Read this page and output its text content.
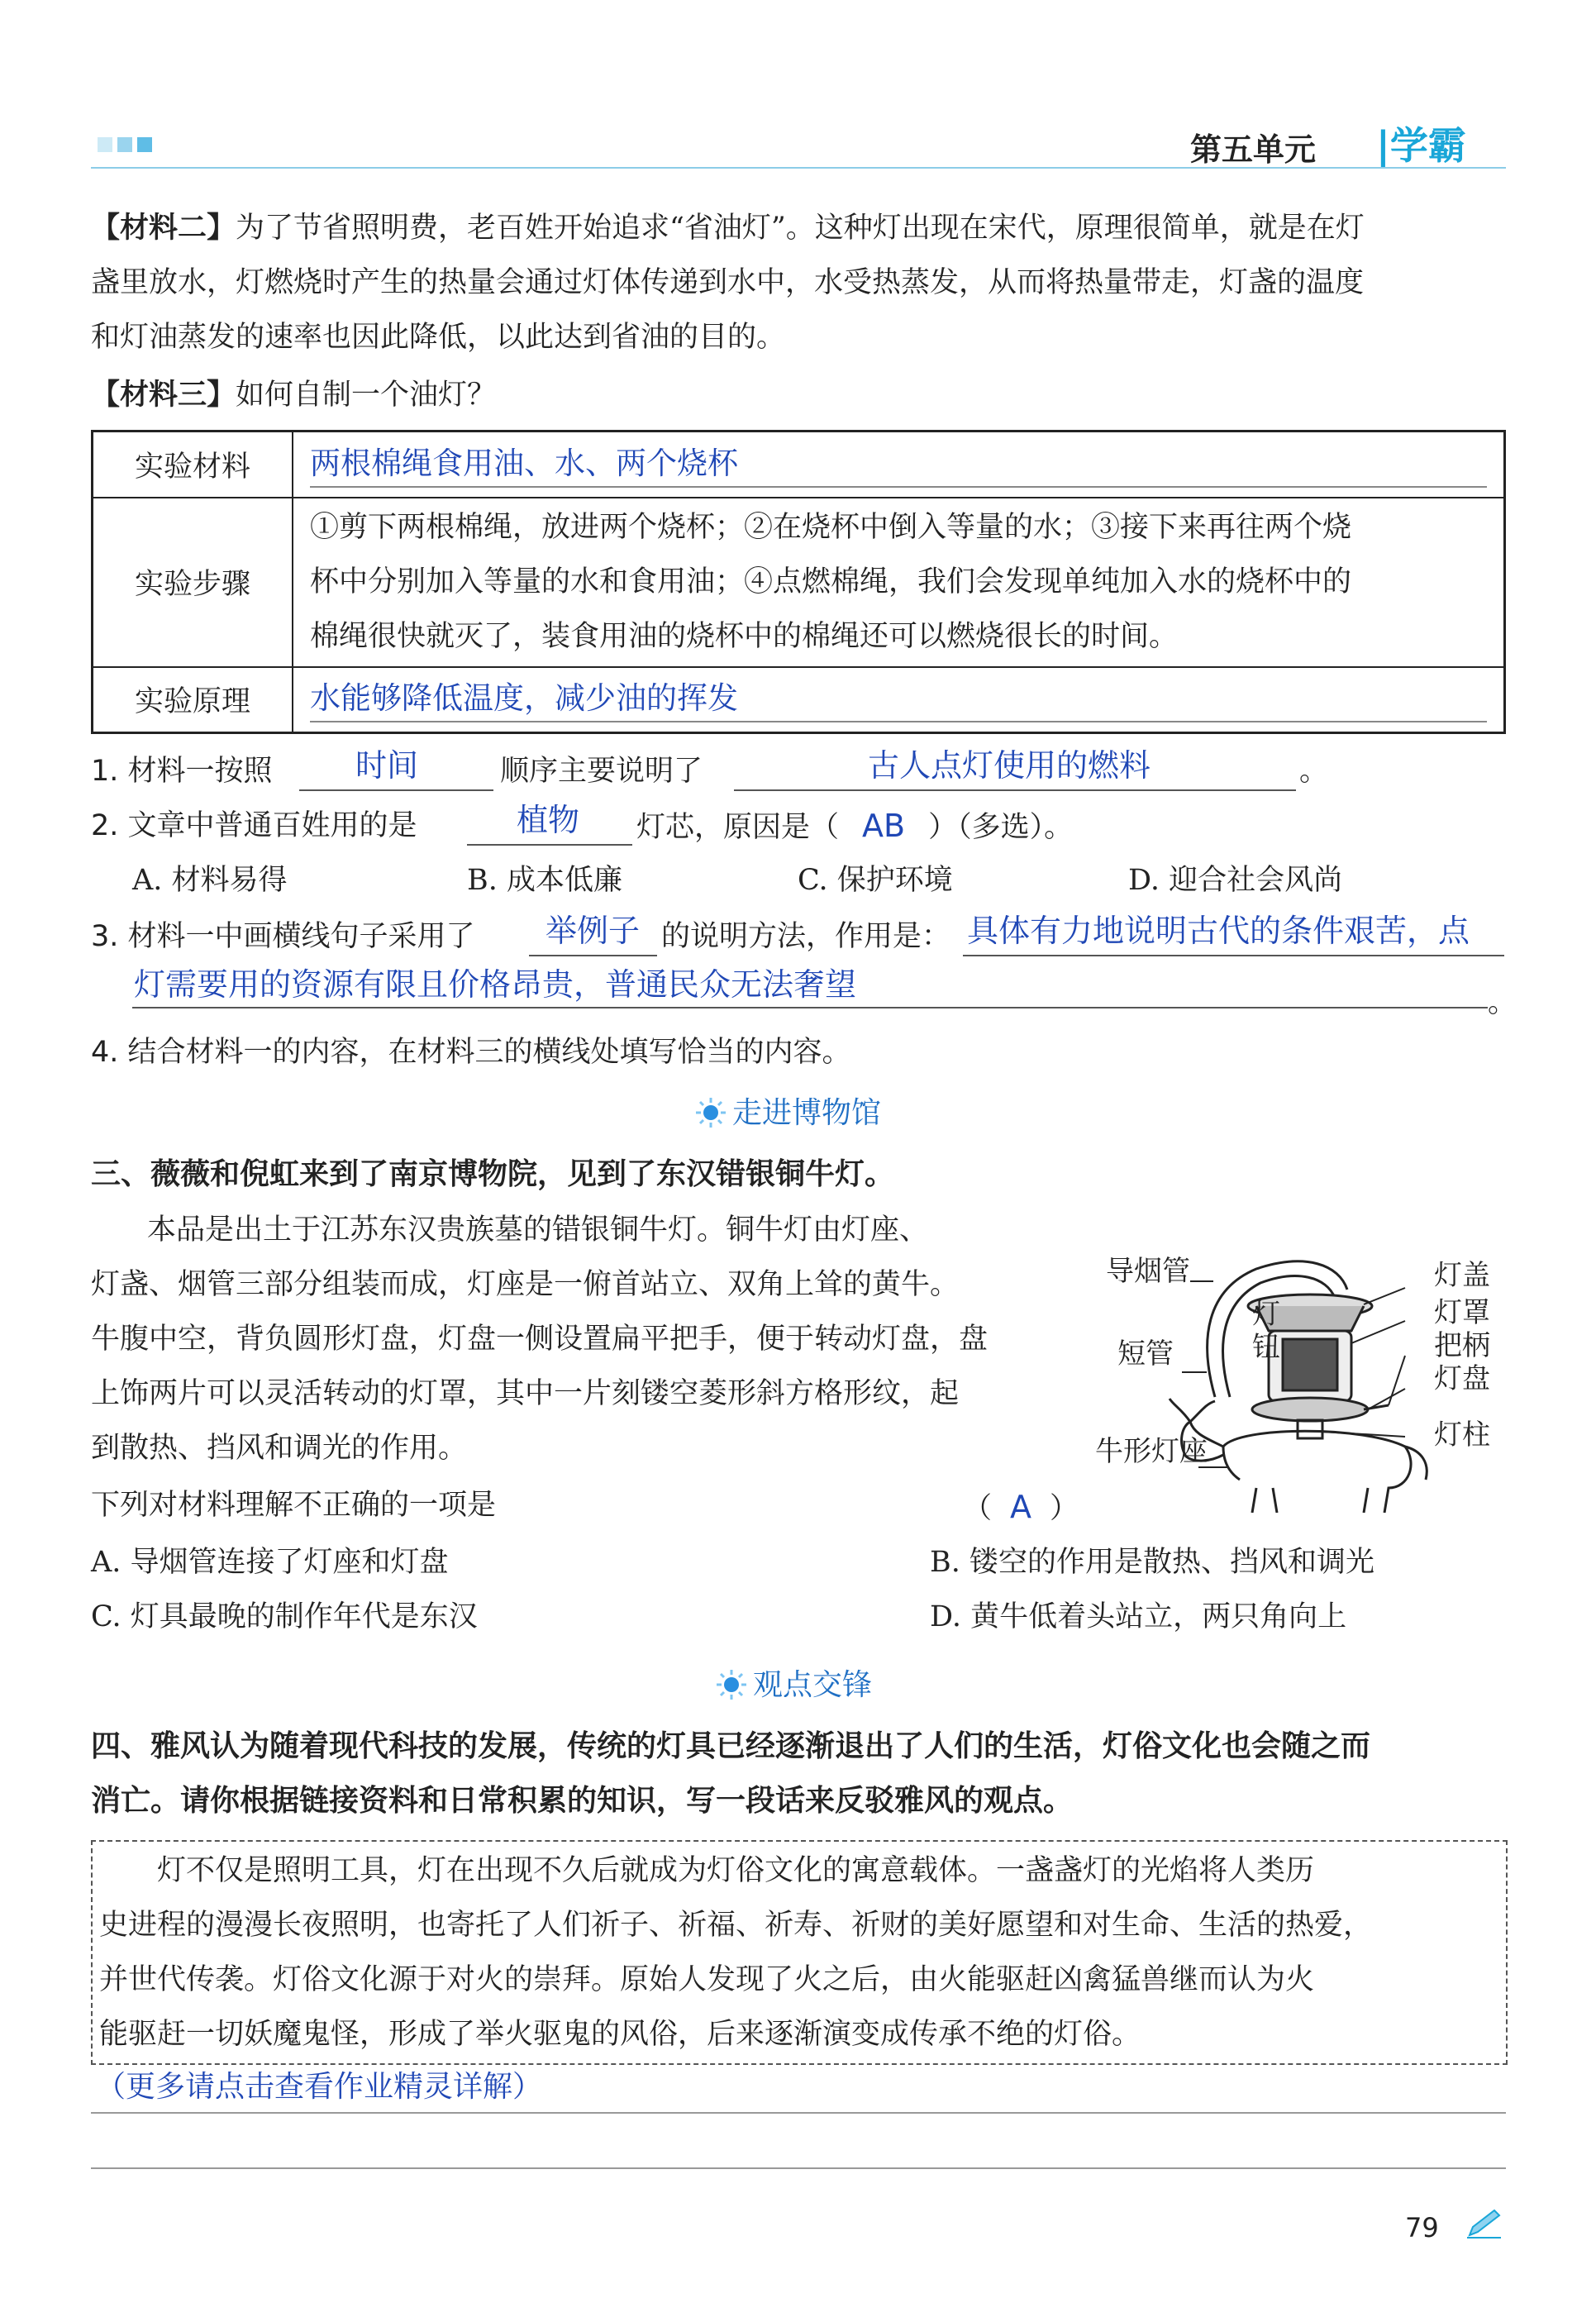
第五单元 |学霸
【材料二】为了节省照明费，老百姓开始追求“省油灯”。这种灯出现在宋代，原理很简单，就是在灯
盏里放水，灯燃烧时产生的热量会通过灯体传递到水中，水受热蒸发，从而将热量带走，灯盏的温度
和灯油蒸发的速率也因此降低，以此达到省油的目的。
【材料三】如何自制一个油灯？
实验材料	两根棉绳食用油、水、两个烧杯

实验步骤	①剪下两根棉绳，放进两个烧杯；②在烧杯中倒入等量的水；③接下来再往两个烧
杯中分别加入等量的水和食用油；④点燃棉绳，我们会发现单纯加入水的烧杯中的
棉绳很快就灭了，装食用油的烧杯中的棉绳还可以燃烧很长的时间。

实验原理	水能够降低温度，减少油的挥发
1. 材料一按照	时间	顺序主要说明了	古人点灯使用的燃料	。
2. 文章中普通百姓用的是	植物 灯芯，原因是（ AB ）（多选）。
A. 材料易得	B. 成本低廉	C. 保护环境	D. 迎合社会风尚
3. 材料一中画横线句子采用了 举例子 的说明方法，作用是： 具体有力地说明古代的条件艰苦，点
灯需要用的资源有限且价格昂贵，普通民众无法奢望	。
4. 结合材料一的内容，在材料三的横线处填写恰当的内容。
走进博物馆
三、薇薇和倪虹来到了南京博物院，见到了东汉错银铜牛灯。
本品是出土于江苏东汉贵族墓的错银铜牛灯。铜牛灯由灯座、
灯盏、烟管三部分组装而成，灯座是一俯首站立、双角上耸的黄牛。
牛腹中空，背负圆形灯盘，灯盘一侧设置扁平把手，便于转动灯盘，盘
上饰两片可以灵活转动的灯罩，其中一片刻镂空菱形斜方格形纹，起
到散热、挡风和调光的作用。
导烟管
短管
牛形灯座
灯钮
灯盖
灯罩
把柄
灯盘
灯柱
下列对材料理解不正确的一项是	（ A ）
A. 导烟管连接了灯座和灯盘	B. 镂空的作用是散热、挡风和调光
C. 灯具最晚的制作年代是东汉	D. 黄牛低着头站立，两只角向上
观点交锋
四、雅风认为随着现代科技的发展，传统的灯具已经逐渐退出了人们的生活，灯俗文化也会随之而
消亡。请你根据链接资料和日常积累的知识，写一段话来反驳雅风的观点。
灯不仅是照明工具，灯在出现不久后就成为灯俗文化的寓意载体。一盏盏灯的光焰将人类历
史进程的漫漫长夜照明，也寄托了人们祈子、祈福、祈寿、祈财的美好愿望和对生命、生活的热爱，
并世代传袭。灯俗文化源于对火的崇拜。原始人发现了火之后，由火能驱赶凶禽猛兽继而认为火
能驱赶一切妖魔鬼怪，形成了举火驱鬼的风俗，后来逐渐演变成传承不绝的灯俗。
（更多请点击查看作业精灵详解）
79
